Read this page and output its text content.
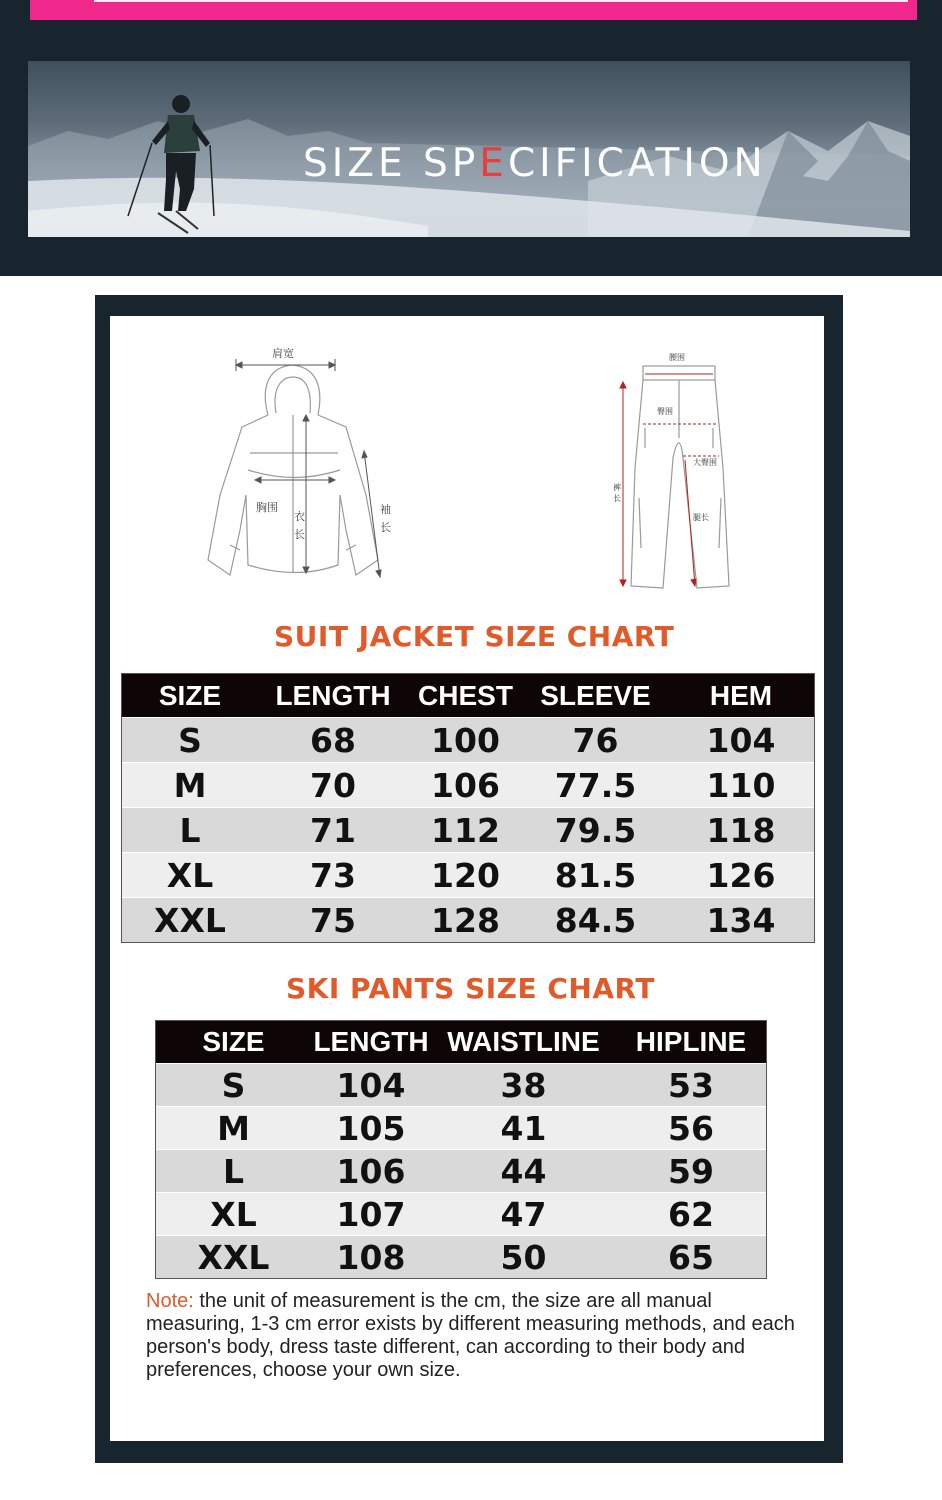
SIZE SPECIFICATION
肩宽
胸围
衣
长
袖
长
腰围
臀围
大臀围
裤
长
腿长
SUIT JACKET SIZE CHART
SIZE	LENGTH CHEST SLEEVE	HEM
S	68	100	76	104
M	70	106	77.5	110
L	71	112	79.5	118
XL	73	120	81.5	126
XXL	75	128	84.5	134
SKI PANTS SIZE CHART
SIZE	LENGTH WAISTLINE	HIPLINE
S	104	38	53
M	105	41	56
L	106	44	59
XL	107	47	62
XXL	108	50	65
Note: the unit of measurement is the cm, the size are all manual measuring, 1-3 cm error exists by different measuring methods, and each person's body, dress taste different, can according to their body and preferences, choose your own size.
